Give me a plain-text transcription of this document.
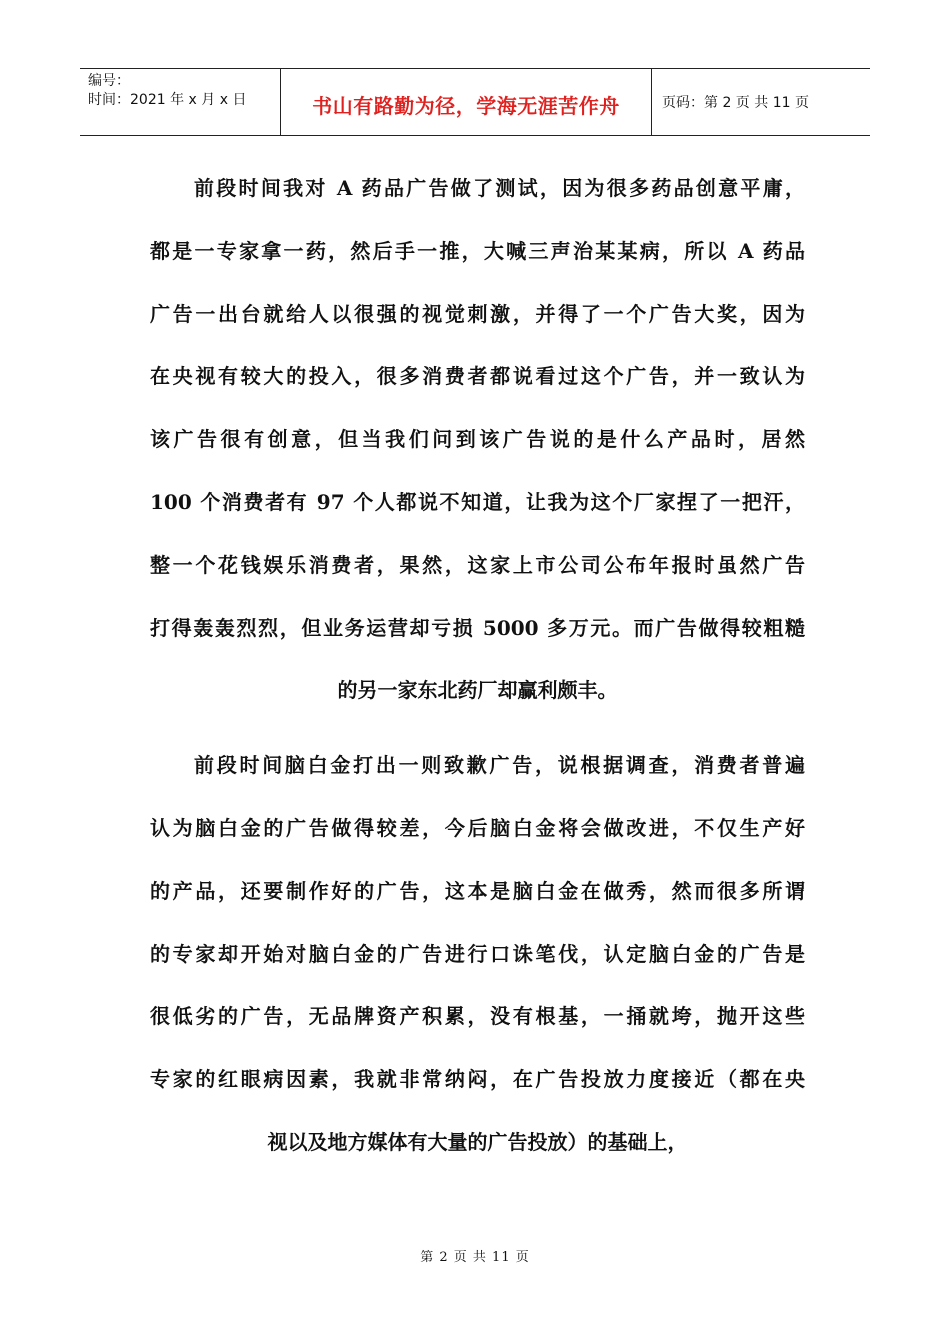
编号：
时间：2021 年 x 月 x 日	书山有路勤为径，学海无涯苦作舟	页码：第 2 页 共 11 页

前段时间我对 A 药品广告做了测试，因为很多药品创意平庸，

都是一专家拿一药，然后手一推，大喊三声治某某病，所以 A 药品

广告一出台就给人以很强的视觉刺激，并得了一个广告大奖，因为

在央视有较大的投入，很多消费者都说看过这个广告，并一致认为

该广告很有创意，但当我们问到该广告说的是什么产品时，居然

100 个消费者有 97 个人都说不知道，让我为这个厂家捏了一把汗，

整一个花钱娱乐消费者，果然，这家上市公司公布年报时虽然广告

打得轰轰烈烈，但业务运营却亏损 5000 多万元。而广告做得较粗糙

的另一家东北药厂却赢利颇丰。

前段时间脑白金打出一则致歉广告，说根据调查，消费者普遍

认为脑白金的广告做得较差，今后脑白金将会做改进，不仅生产好

的产品，还要制作好的广告，这本是脑白金在做秀，然而很多所谓

的专家却开始对脑白金的广告进行口诛笔伐，认定脑白金的广告是

很低劣的广告，无品牌资产积累，没有根基，一捅就垮，抛开这些

专家的红眼病因素，我就非常纳闷，在广告投放力度接近（都在央

视以及地方媒体有大量的广告投放）的基础上，

第 2 页 共 11 页
